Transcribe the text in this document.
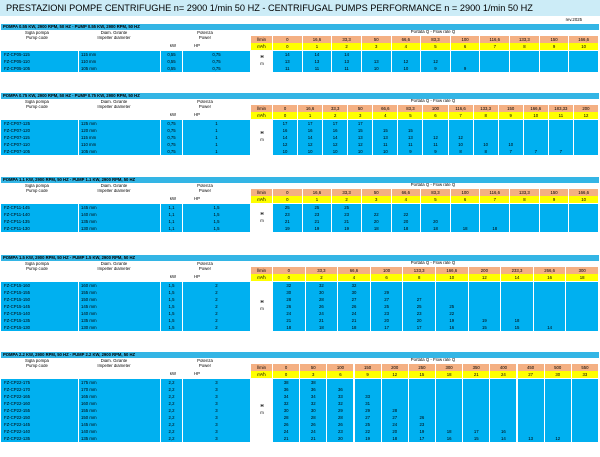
PRESTAZIONI POMPE CENTRIFUGHE n= 2900 1/min 50 HZ - CENTRIFUGAL PUMPS PERFORMANCE n = 2900 1/min 50 HZ
rev.2025
POMPA 0.55 KW, 2900 RPM, 50 HZ - PUMP 0.55 KW, 2900 RPM, 50 HZ
Sigla pompa
Pump code
Diam. Girante
Impeller diameter
Potenza
Power
kW	HP
Portata Q - Flow rate Q
l/min	0	16,6	33,3	50	66,6	83,3	100	116,6	133,3	150	166,6
m³/h	0	1	2	3	4	5	6	7	8	9	10
FZ-CP05-115	115 mm	0,55	0,75	14	14	14
FZ-CP05-110	110 mm	0,55	0,75	13	13	13	13	12	12
FZ-CP05-105	105 mm	0,55	0,75	11	11	11	10	10	9	9
H
m
POMPA 0.75 KW, 2900 RPM, 50 HZ - PUMP 0.75 KW, 2900 RPM, 50 HZ
Sigla pompa
Pump code
Diam. Girante
Impeller diameter
Potenza
Power
kW	HP
Portata Q - Flow rate Q
l/min	0	16,6	33,3	50	66,6	83,3	100	116,6	133,3	150	166,6	183,33	200
m³/h	0	1	2	3	4	5	6	7	8	9	10	11	12
FZ-CP07-125	125 mm	0,75	1	17	17	17	17
FZ-CP07-120	120 mm	0,75	1	16	16	16	15	15	15
FZ-CP07-115	115 mm	0,75	1	14	14	14	13	13	13	12	12
FZ-CP07-110	110 mm	0,75	1	12	12	12	12	11	11	11	10	10	10
FZ-CP07-105	105 mm	0,75	1	10	10	10	10	10	9	9	8	8	7	7	7
H
m
POMPA 1.1 KW, 2900 RPM, 50 HZ - PUMP 1.1 KW, 2900 RPM, 50 HZ
Sigla pompa
Pump code
Diam. Girante
Impeller diameter
Potenza
Power
kW	HP
Portata Q - Flow rate Q
l/min	0	16,6	33,3	50	66,6	83,3	100	116,6	133,3	150	166,6
m³/h	0	1	2	3	4	5	6	7	8	9	10
FZ-CP11-145	145 mm	1,1	1,5	25	25	25
FZ-CP11-140	140 mm	1,1	1,5	23	23	23	22	22
FZ-CP11-135	135 mm	1,1	1,5	21	21	21	20	20	20
FZ-CP11-130	130 mm	1,1	1,5	19	19	19	18	18	18	18	18
H
m
POMPA 1.5 KW, 2900 RPM, 50 HZ - PUMP 1.5 KW, 2900 RPM, 50 HZ
Sigla pompa
Pump code
Diam. Girante
Impeller diameter
Potenza
Power
kW	HP
Portata Q - Flow rate Q
l/min	0	33,3	66,6	100	133,3	166,6	200	233,3	266,6	300
m³/h	0	2	4	6	8	10	12	14	16	18
FZ-CP15-160	160 mm	1,5	2	32	32	32
FZ-CP15-155	155 mm	1,5	2	30	30	30	29
FZ-CP15-150	150 mm	1,5	2	28	28	27	27	27
FZ-CP15-145	145 mm	1,5	2	26	26	26	25	25	25
FZ-CP15-140	140 mm	1,5	2	24	24	24	23	23	22
FZ-CP15-135	135 mm	1,5	2	21	21	21	20	20	19	19	18
FZ-CP15-130	130 mm	1,5	2	18	18	18	17	17	16	15	15	14
H
m
POMPA 2.2 KW, 2900 RPM, 50 HZ - PUMP 2.2 KW, 2900 RPM, 50 HZ
Sigla pompa
Pump code
Diam. Girante
Impeller diameter
Potenza
Power
kW	HP
Portata Q - Flow rate Q
l/min	0	50	100	150	200	250	300	350	400	450	500	550
m³/h	0	3	6	9	12	15	18	21	24	27	30	33
FZ-CP22-175	175 mm	2,2	3	38	38
FZ-CP22-170	170 mm	2,2	3	36	36	36
FZ-CP22-165	165 mm	2,2	3	34	34	33	33
FZ-CP22-160	160 mm	2,2	3	32	32	32	31
FZ-CP22-155	155 mm	2,2	3	30	30	29	29	28
FZ-CP22-150	150 mm	2,2	3	28	28	28	27	27	26
FZ-CP22-145	145 mm	2,2	3	26	26	26	25	24	23
FZ-CP22-140	140 mm	2,2	3	24	24	23	22	20	19	18	17	16
FZ-CP22-135	135 mm	2,2	3	21	21	20	19	18	17	16	15	14	13	12
H
m
